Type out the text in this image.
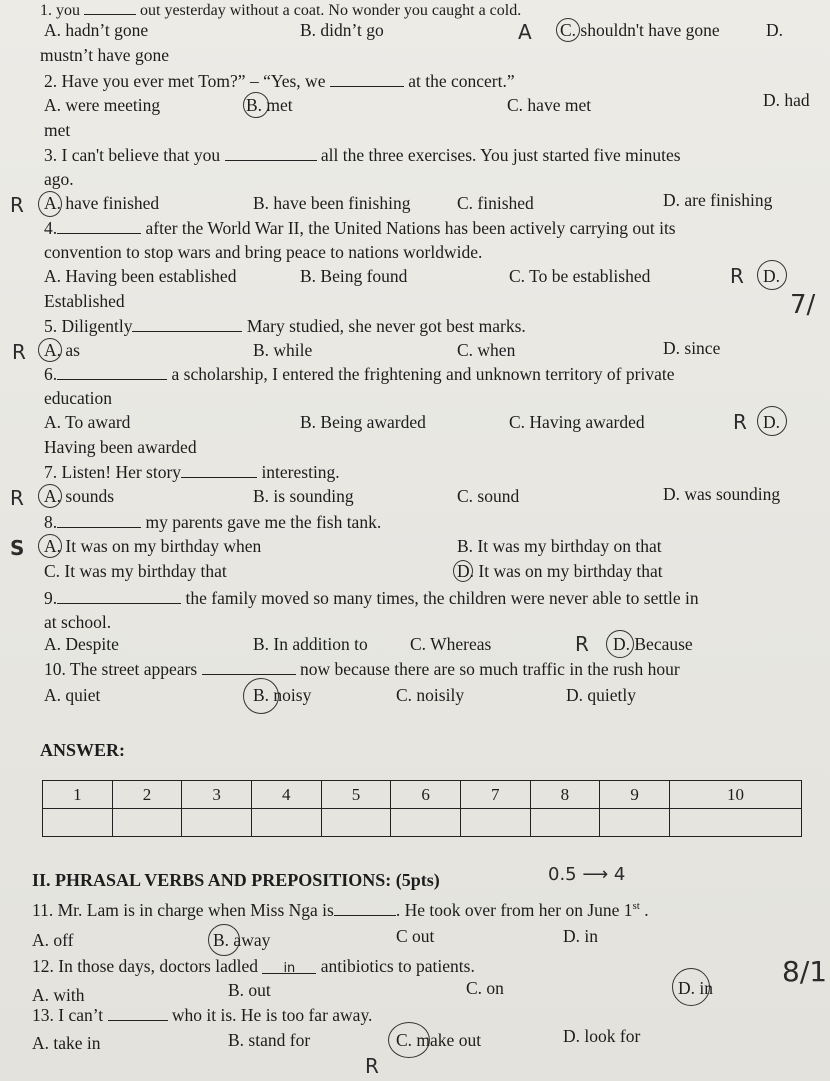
1. you	out yesterday without a coat. No wonder you caught a cold.
A. hadn’t gone	B. didn’t go	A C. shouldn't have gone	D.
mustn’t have gone
2. Have you ever met Tom?” – “Yes, we	at the concert.”
A. were meeting	B. met	C. have met	D. had
met
3. I can't believe that you	all the three exercises. You just started five minutes
ago.
R A. have finished	B. have been finishing	C. finished	D. are finishing
4.	after the World War II, the United Nations has been actively carrying out its
convention to stop wars and bring peace to nations worldwide.
A. Having been established	B. Being found	C. To be established	R D.
Established
5. Diligently	Mary studied, she never got best marks.
7/
R A. as	B. while	C. when	D. since
6.	a scholarship, I entered the frightening and unknown territory of private
education
A. To award	B. Being awarded	C. Having awarded	R D.
Having been awarded
7. Listen! Her story	interesting.
R A. sounds	B. is sounding	C. sound	D. was sounding
8.	my parents gave me the fish tank.
S A. It was on my birthday when	B. It was my birthday on that
C. It was my birthday that	D. It was on my birthday that
9.	the family moved so many times, the children were never able to settle in
at school.
A. Despite	B. In addition to C. Whereas	R D. Because
10. The street appears	now because there are so much traffic in the rush hour
A. quiet	B. noisy	C. noisily	D. quietly
ANSWER:
1	2	3	4	5	6	7	8	9	10

II. PHRASAL VERBS AND PREPOSITIONS: (5pts)	0.5 ⟶ 4
11. Mr. Lam is in charge when Miss Nga is	. He took over from her on June 1st .
A. off	B. away	C out	D. in
12. In those days, doctors ladled in antibiotics to patients.
A. with	B. out	C. on	D. in 8/1
13. I can’t	who it is. He is too far away.
A. take in	B. stand for	C. make out	D. look for
R
